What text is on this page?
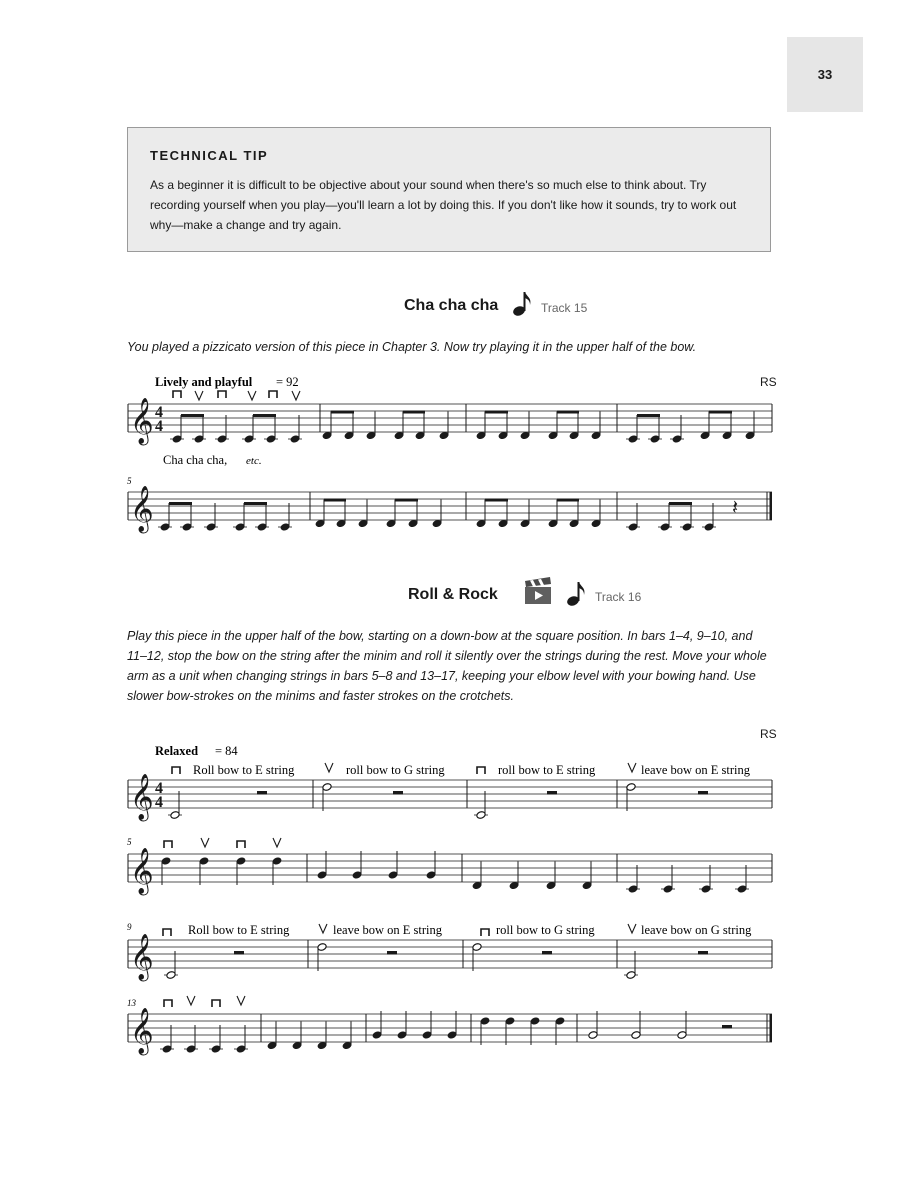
33
TECHNICAL TIP

As a beginner it is difficult to be objective about your sound when there's so much else to think about. Try recording yourself when you play—you'll learn a lot by doing this. If you don't like how it sounds, try to work out why—make a change and try again.

Cha cha cha	Track 15
You played a pizzicato version of this piece in Chapter 3. Now try playing it in the upper half of the bow.
RS
Roll & Rock	Track 16
Play this piece in the upper half of the bow, starting on a down-bow at the square position. In bars 1–4, 9–10, and 11–12, stop the bow on the string after the minim and roll it silently over the strings during the rest. Move your whole arm as a unit when changing strings in bars 5–8 and 13–17, keeping your elbow level with your bowing hand. Use slower bow-strokes on the minims and faster strokes on the crotchets.
RS
𝄞 4
4
𝄞	𝄽
𝄞 4
4
𝄞
𝄞
𝄞
Lively and playful = 92
Cha cha cha, etc.
5
Relaxed = 84
Roll bow to E string	roll bow to G string	roll bow to E string	leave bow on E string
5
9	Roll bow to E string	leave bow on E string	roll bow to G string	leave bow on G string
13
